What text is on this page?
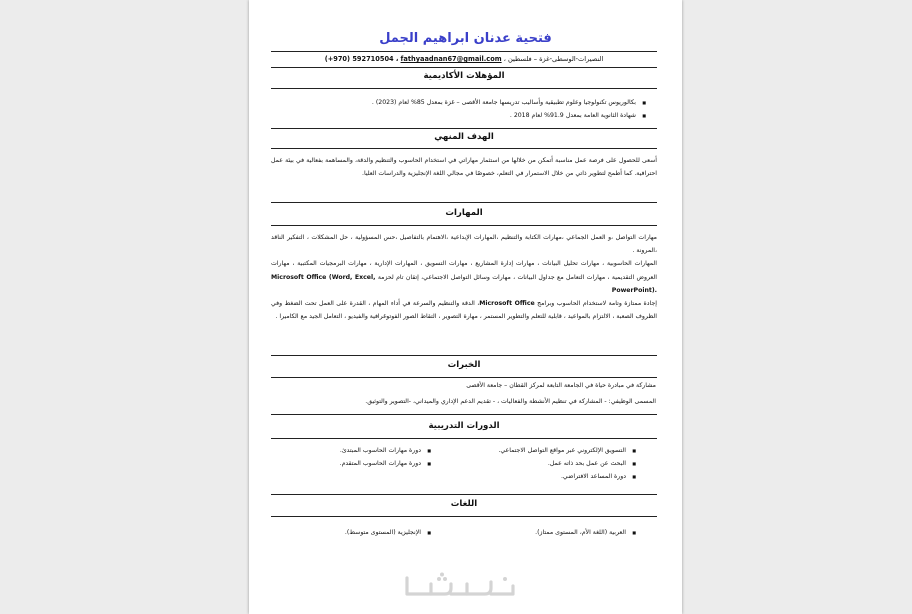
فتحية عدنان ابراهيم الجمل
النصيرات-الوسطى-غزة – فلسطين ، fathyaadnan67@gmail.com (+970) 592710504 ،
المؤهلات الأكاديمية
■ بكالوريوس تكنولوجيا وعلوم تطبيقية وأساليب تدريسها جامعة الأقصى – غزة بمعدل 85% لعام (2023) .
■ شهادة الثانوية العامة بمعدل 91.9% لعام 2018 .
الهدف المنهي

أسعى للحصول على فرصة عمل مناسبة أتمكن من خلالها من استثمار مهاراتي في استخدام الحاسوب والتنظيم والدقة، والمساهمة بفعالية في بيئة عمل احترافية. كما أطمح لتطوير ذاتي من خلال الاستمرار في التعلم، خصوصًا في مجالي اللغة الإنجليزية والدراسات العليا.

المهارات

مهارات التواصل ،و العمل الجماعي ،مهارات الكتابة والتنظيم ،المهارات الإبداعية ،الاهتمام بالتفاصيل ،حس المسؤولية ، حل المشكلات ، التفكير الناقد ،المرونة .

المهارات الحاسوبية ، مهارات تحليل البيانات ، مهارات إدارة المشاريع ، مهارات التسويق ، المهارات الإدارية ، مهارات البرمجيات المكتبية ، مهارات العروض التقديمية ، مهارات التعامل مع جداول البيانات ، مهارات وسائل التواصل الاجتماعي، إتقان تام لحزمة Microsoft Office (Word, Excel, PowerPoint).

إجادة ممتازة وتامة لاستخدام الحاسوب وبرامج Microsoft Office، الدقة والتنظيم والسرعة في أداء المهام ، القدرة على العمل تحت الضغط وفي الظروف الصعبة ، الالتزام بالمواعيد ، قابلية للتعلم والتطوير المستمر ، مهارة التصوير ، التقاط الصور الفوتوغرافية والفيديو ، التعامل الجيد مع الكاميرا .

الخبرات
مشاركة في مبادرة حياة في الجامعة التابعة لمركز القطان – جامعة الأقصى
المسمى الوظيفي: - المشاركة في تنظيم الأنشطة والفعاليات ، - تقديم الدعم الإداري والميداني، -التصوير والتوثيق.
الدورات التدريبية
■ التسويق الإلكتروني عبر مواقع التواصل الاجتماعي.
■ البحث عن عمل بحد ذاته عمل.
■ دورة المساعد الافتراضي.
■ دورة مهارات الحاسوب المبتدئ.
■ دورة مهارات الحاسوب المتقدم.
اللغات
■ العربية (اللغة الأم، المستوى ممتاز).
■ الإنجليزية (المستوى متوسط).
